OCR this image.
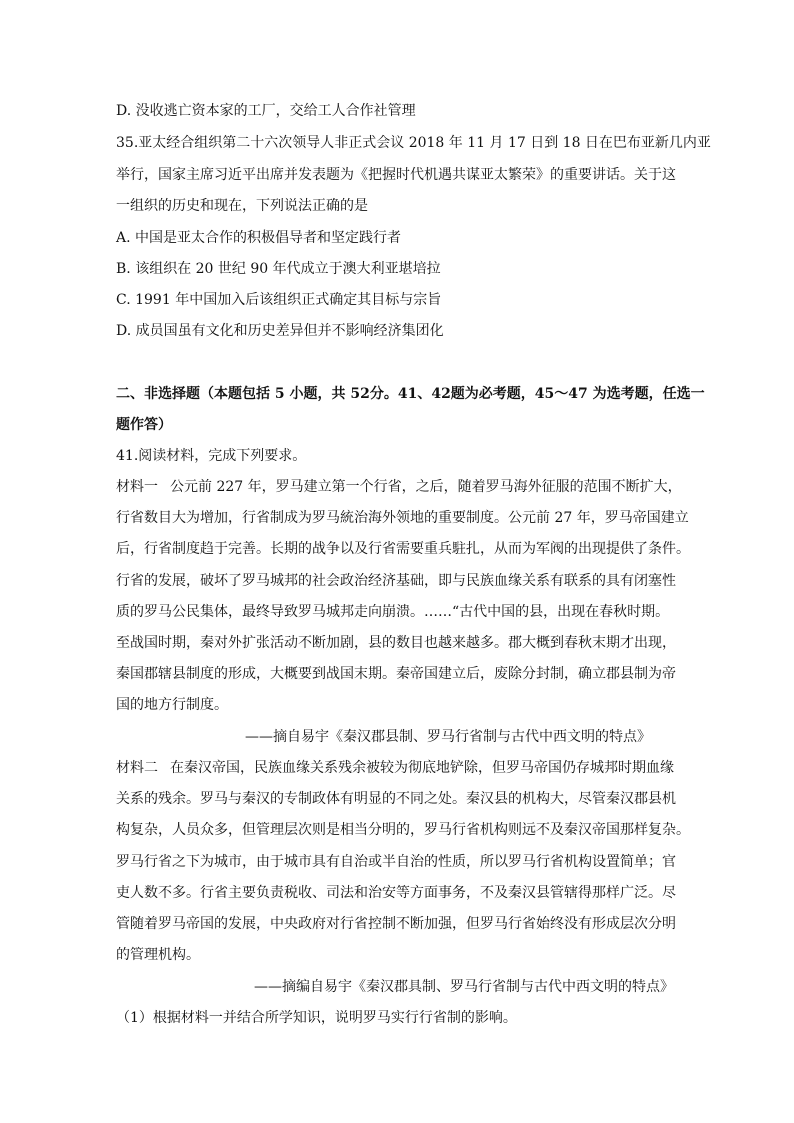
D. 没收逃亡资本家的工厂，交给工人合作社管理
35.亚太经合组织第二十六次领导人非正式会议 2018 年 11 月 17 日到 18 日在巴布亚新几内亚
举行，国家主席习近平出席并发表题为《把握时代机遇共谋亚太繁荣》的重要讲话。关于这
一组织的历史和现在，下列说法正确的是
A. 中国是亚太合作的积极倡导者和坚定践行者
B. 该组织在 20 世纪 90 年代成立于澳大利亚堪培拉
C. 1991 年中国加入后该组织正式确定其目标与宗旨
D. 成员国虽有文化和历史差异但并不影响经济集团化
二、非选择题（本题包括 5 小题，共 52分。41、42题为必考题，45～47 为选考题，任选一
题作答）
41.阅读材料，完成下列要求。
材料一 公元前 227 年，罗马建立第一个行省，之后，随着罗马海外征服的范围不断扩大，
行省数目大为增加，行省制成为罗马統治海外领地的重要制度。公元前 27 年，罗马帝国建立
后，行省制度趋于完善。长期的战争以及行省需要重兵駐扎，从而为军阀的出现提供了条件。
行省的发展，破坏了罗马城邦的社会政治经济基础，即与民族血缘关系有联系的具有闭塞性
质的罗马公民集体，最终导致罗马城邦走向崩溃。……“古代中国的县，出现在春秋时期。
至战国时期，秦对外扩张活动不断加剧，县的数目也越来越多。郡大概到春秋末期才出现，
秦国郡辖县制度的形成，大概要到战国末期。秦帝国建立后，废除分封制，确立郡县制为帝
国的地方行制度。
——摘自易宇《秦汉郡县制、罗马行省制与古代中西文明的特点》
材料二 在秦汉帝国，民族血缘关系残余被较为彻底地铲除，但罗马帝国仍存城邦时期血缘
关系的残余。罗马与秦汉的专制政体有明显的不同之处。秦汉县的机构大，尽管秦汉郡县机
构复杂，人员众多，但管理层次则是相当分明的，罗马行省机构则远不及秦汉帝国那样复杂。
罗马行省之下为城市，由于城市具有自治或半自治的性质，所以罗马行省机构设置简单；官
吏人数不多。行省主要负责税收、司法和治安等方面事务，不及秦汉县管辖得那样广泛。尽
管随着罗马帝国的发展，中央政府对行省控制不断加强，但罗马行省始终没有形成层次分明
的管理机构。
——摘编自易宇《秦汉郡具制、罗马行省制与古代中西文明的特点》
（1）根据材料一并结合所学知识，说明罗马实行行省制的影响。
